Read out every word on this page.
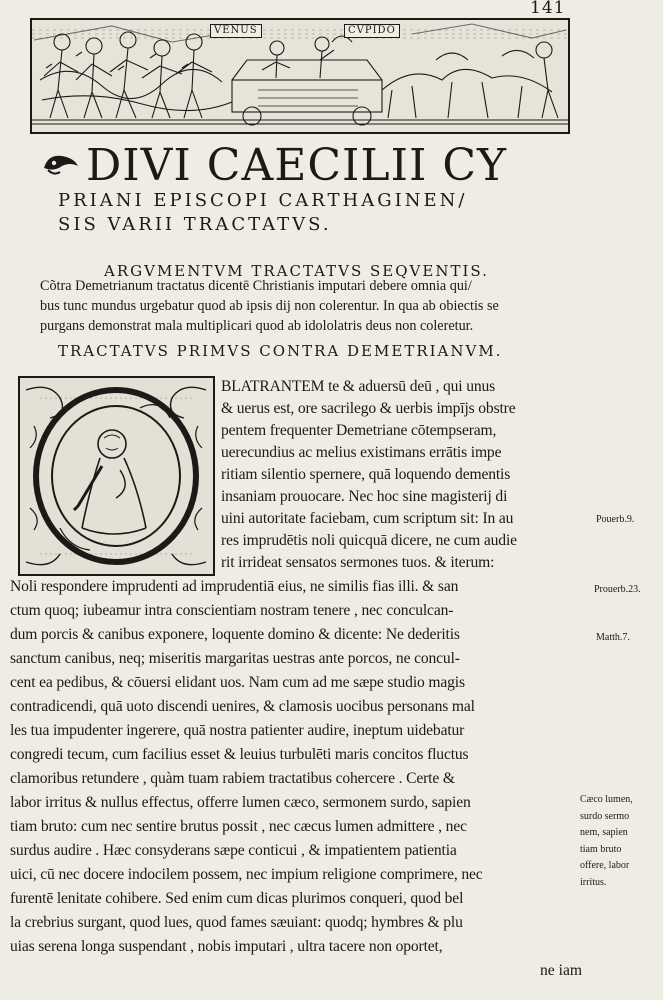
141
VENUS	CVPIDO
DIVI CAECILII CY
PRIANI EPISCOPI CARTHAGINEN/
SIS VARII TRACTATVS.
ARGVMENTVM TRACTATVS SEQVENTIS.
Cõtra Demetrianum tractatus dicentē Christianis imputari debere omnia qui/
bus tunc mundus urgebatur quod ab ipsis dij non colerentur. In qua ab obiectis se
purgans demonstrat mala multiplicari quod ab idololatris deus non coleretur.
TRACTATVS PRIMVS CONTRA DEMETRIANVM.
BLATRANTEM te & aduersū deū , qui unus
& uerus est, ore sacrilego & uerbis impījs obstre
pentem frequenter Demetriane cōtempseram,
uerecundius ac melius existimans errātis impe
ritiam silentio spernere, quā loquendo dementis
insaniam prouocare. Nec hoc sine magisterij di
uini autoritate faciebam, cum scriptum sit: In au
res imprudētis noli quicquā dicere, ne cum audie
rit irrideat sensatos sermones tuos. & iterum:
Noli respondere imprudenti ad imprudentiā eius, ne similis fias illi. & san
ctum quoq; iubeamur intra conscientiam nostram tenere , nec conculcan-
dum porcis & canibus exponere, loquente domino & dicente: Ne dederitis
sanctum canibus, neq; miseritis margaritas uestras ante porcos, ne concul-
cent ea pedibus, & cōuersi elidant uos. Nam cum ad me sæpe studio magis
contradicendi, quā uoto discendi uenires, & clamosis uocibus personans mal
les tua impudenter ingerere, quā nostra patienter audire, ineptum uidebatur
congredi tecum, cum facilius esset & leuius turbulēti maris concitos fluctus
clamoribus retundere , quàm tuam rabiem tractatibus cohercere . Certe &
labor irritus & nullus effectus, offerre lumen cæco, sermonem surdo, sapien
tiam bruto: cum nec sentire brutus possit , nec cæcus lumen admittere , nec
surdus audire . Hæc consyderans sæpe conticui , & impatientem patientia
uici, cū nec docere indocilem possem, nec impium religione comprimere, nec
furentē lenitate cohibere. Sed enim cum dicas plurimos conqueri, quod bel
la crebrius surgant, quod lues, quod fames sæuiant: quodq; hymbres & plu
uias serena longa suspendant , nobis imputari , ultra tacere non oportet,
ne iam
Pouerb.9.
Prouerb.23.
Matth.7.
Cæco lumen,
surdo sermo
nem, sapien
tiam bruto
offere, labor
irritus.
